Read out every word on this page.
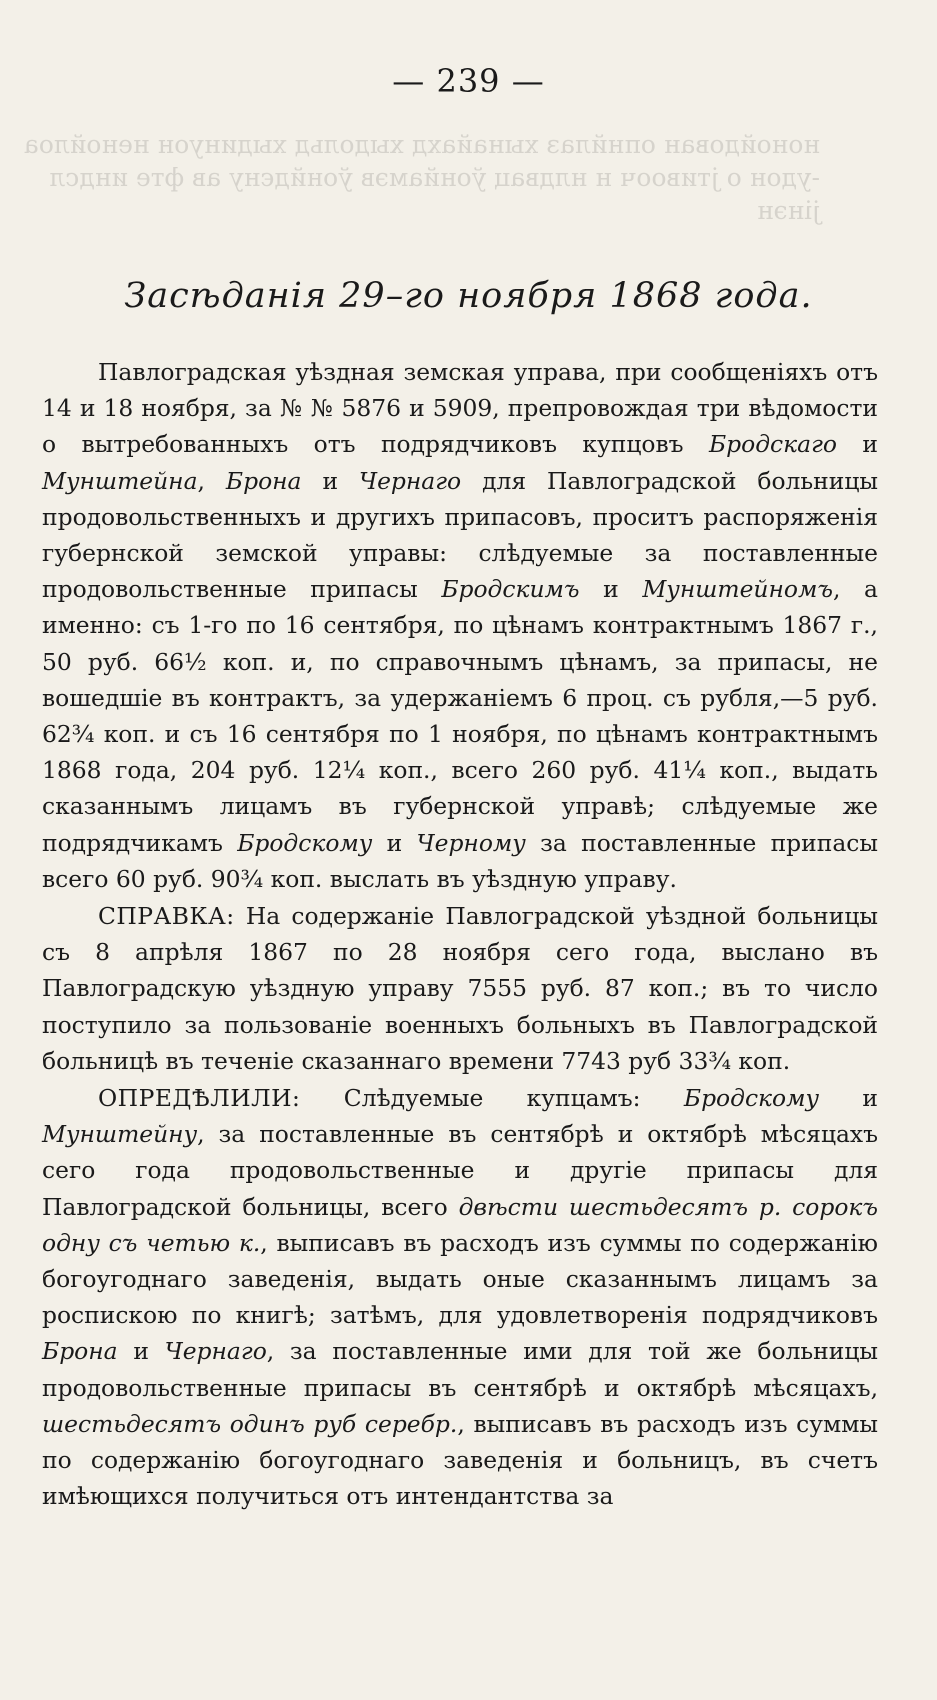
нонойдован опнйлаз хынайахд хыдольд хыдинуон ненойлоа
-удон о јтивооч н нлдвац ўонйамэв ўонйдєну ав фте индсл
јінэн
— 239 —
Засѣданія 29–го ноября 1868 года.

Павлоградская уѣздная земская управа, при сообщеніяхъ отъ 14 и 18 ноября, за № № 5876 и 5909, препровождая три вѣдомости о вытребованныхъ отъ подрядчиковъ купцовъ Бродскаго и Мунштейна, Брона и Чернаго для Павлоградской больницы продовольственныхъ и другихъ припасовъ, проситъ распоряженія губернской земской управы: слѣдуемые за поставленные продовольственные припасы Бродскимъ и Мунштейномъ, а именно: съ 1-го по 16 сентября, по цѣнамъ контрактнымъ 1867 г., 50 руб. 66½ коп. и, по справочнымъ цѣнамъ, за припасы, не вошедшіе въ контрактъ, за удержаніемъ 6 проц. съ рубля,—5 руб. 62¾ коп. и съ 16 сентября по 1 ноября, по цѣнамъ контрактнымъ 1868 года, 204 руб. 12¼ коп., всего 260 руб. 41¼ коп., выдать сказаннымъ лицамъ въ губернской управѣ; слѣдуемые же подрядчикамъ Бродскому и Черному за поставленные припасы всего 60 руб. 90¾ коп. выслать въ уѣздную управу.

СПРАВКА: На содержаніе Павлоградской уѣздной больницы съ 8 апрѣля 1867 по 28 ноября сего года, выслано въ Павлоградскую уѣздную управу 7555 руб. 87 коп.; въ то число поступило за пользованіе военныхъ больныхъ въ Павлоградской больницѣ въ теченіе сказаннаго времени 7743 руб 33¾ коп.

ОПРЕДѢЛИЛИ: Слѣдуемые купцамъ: Бродскому и Мунштейну, за поставленные въ сентябрѣ и октябрѣ мѣсяцахъ сего года продовольственные и другіе припасы для Павлоградской больницы, всего двѣсти шестьдесятъ р. сорокъ одну съ четью к., выписавъ въ расходъ изъ суммы по содержанію богоугоднаго заведенія, выдать оные сказаннымъ лицамъ за роспискою по книгѣ; затѣмъ, для удовлетворенія подрядчиковъ Брона и Чернаго, за поставленные ими для той же больницы продовольственные припасы въ сентябрѣ и октябрѣ мѣсяцахъ, шестьдесятъ одинъ руб серебр., выписавъ въ расходъ изъ суммы по содержанію богоугоднаго заведенія и больницъ, въ счетъ имѣющихся получиться отъ интендантства за
